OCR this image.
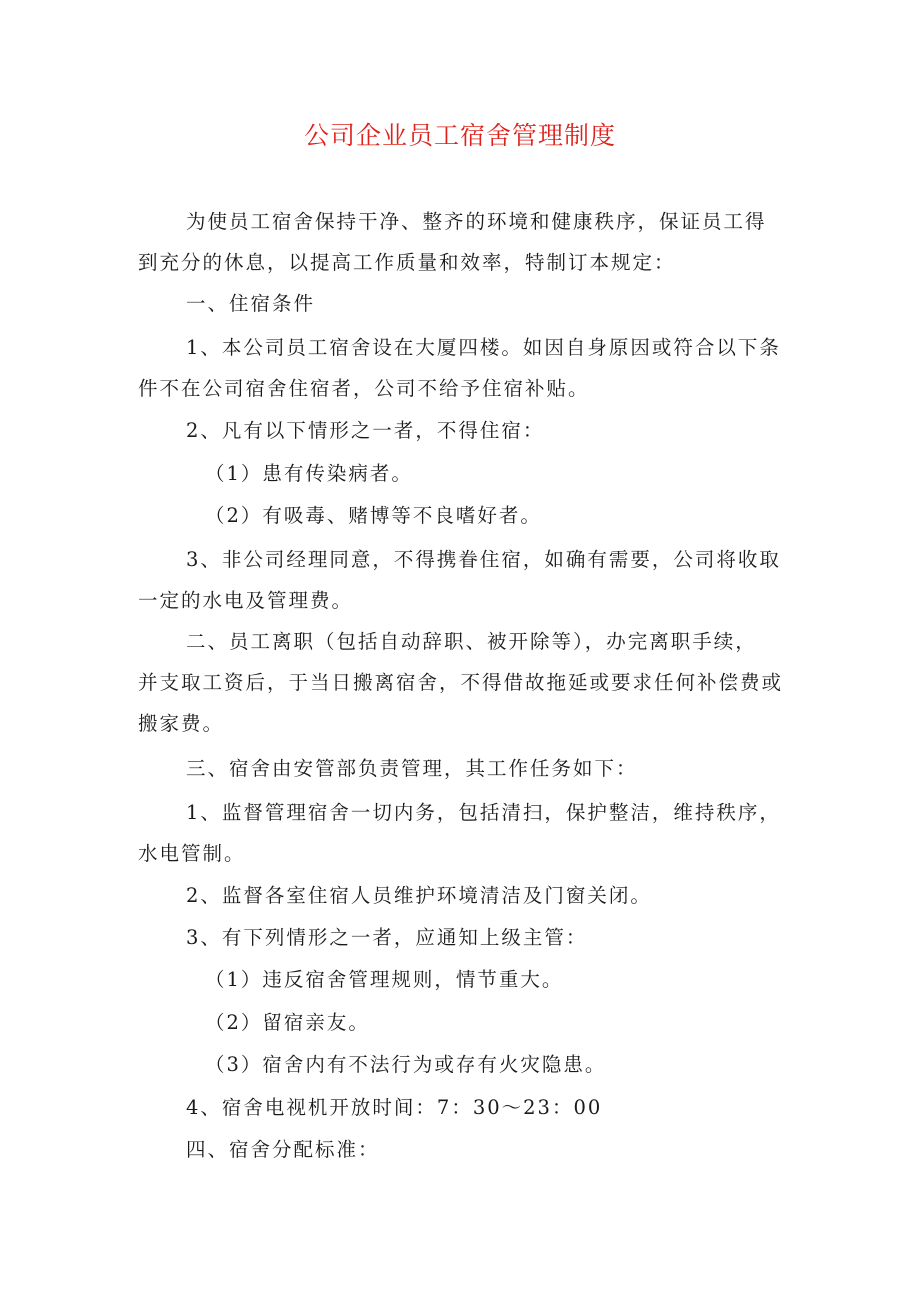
公司企业员工宿舍管理制度
为使员工宿舍保持干净、整齐的环境和健康秩序，保证员工得
到充分的休息，以提高工作质量和效率，特制订本规定：
一、住宿条件
1、本公司员工宿舍设在大厦四楼。如因自身原因或符合以下条
件不在公司宿舍住宿者，公司不给予住宿补贴。
2、凡有以下情形之一者，不得住宿：
（1）患有传染病者。
（2）有吸毒、赌博等不良嗜好者。
3、非公司经理同意，不得携眷住宿，如确有需要，公司将收取
一定的水电及管理费。
二、员工离职（包括自动辞职、被开除等），办完离职手续，
并支取工资后，于当日搬离宿舍，不得借故拖延或要求任何补偿费或
搬家费。
三、宿舍由安管部负责管理，其工作任务如下：
1、监督管理宿舍一切内务，包括清扫，保护整洁，维持秩序，
水电管制。
2、监督各室住宿人员维护环境清洁及门窗关闭。
3、有下列情形之一者，应通知上级主管：
（1）违反宿舍管理规则，情节重大。
（2）留宿亲友。
（3）宿舍内有不法行为或存有火灾隐患。
4、宿舍电视机开放时间：7：30～23：00
四、宿舍分配标准：
